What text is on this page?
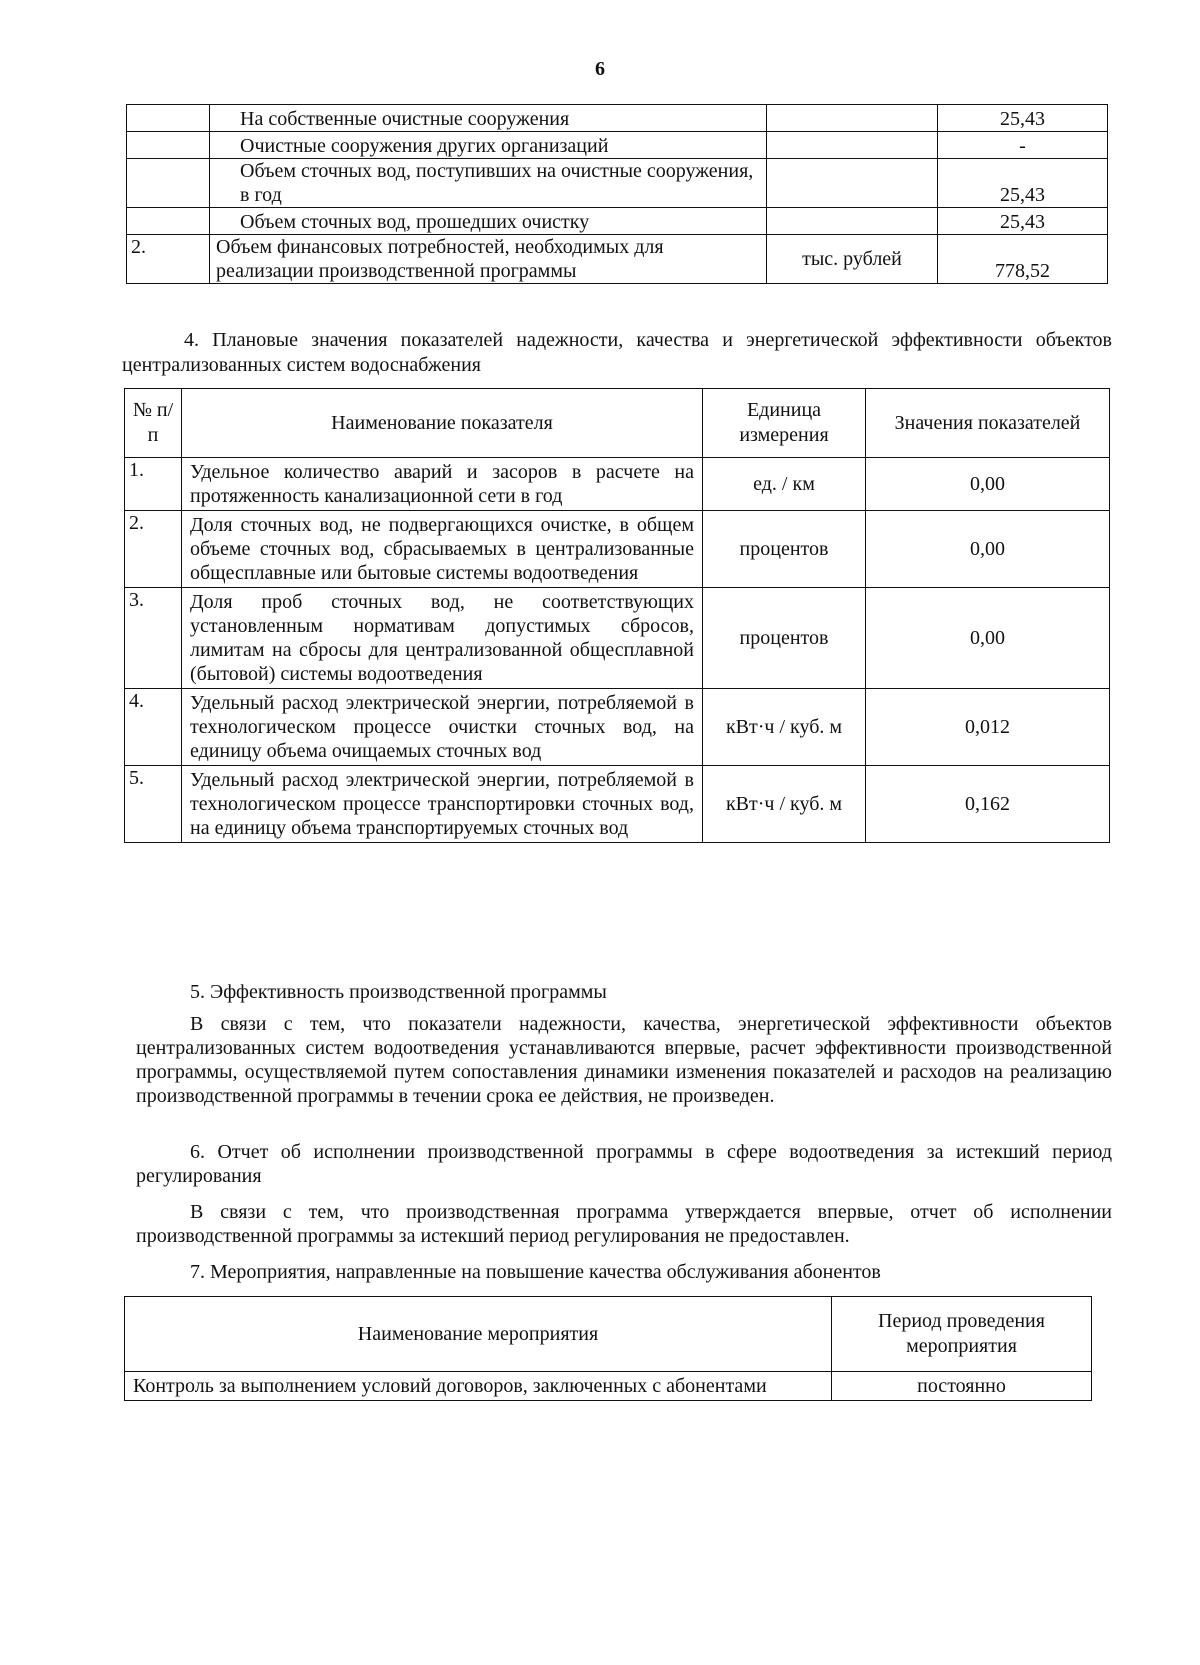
6
	На собственные очистные сооружения		25,43
	Очистные сооружения других организаций		-
	Объем сточных вод, поступивших на очистные сооружения, в год		25,43
	Объем сточных вод, прошедших очистку		25,43
2.	Объем финансовых потребностей, необходимых для реализации производственной программы	тыс. рублей	778,52
4. Плановые значения показателей надежности, качества и энергетической эффективности объектов централизованных систем водоснабжения
№ п/п	Наименование показателя	Единица измерения	Значения показателей
1.	Удельное количество аварий и засоров в расчете на протяженность канализационной сети в год	ед. / км	0,00
2.	Доля сточных вод, не подвергающихся очистке, в общем объеме сточных вод, сбрасываемых в централизованные общесплавные или бытовые системы водоотведения	процентов	0,00
3.	Доля проб сточных вод, не соответствующих установленным нормативам допустимых сбросов, лимитам на сбросы для централизованной общесплавной (бытовой) системы водоотведения	процентов	0,00
4.	Удельный расход электрической энергии, потребляемой в технологическом процессе очистки сточных вод, на единицу объема очищаемых сточных вод	кВт·ч / куб. м	0,012
5.	Удельный расход электрической энергии, потребляемой в технологическом процессе транспортировки сточных вод, на единицу объема транспортируемых сточных вод	кВт·ч / куб. м	0,162
5. Эффективность производственной программы
В связи с тем, что показатели надежности, качества, энергетической эффективности объектов централизованных систем водоотведения устанавливаются впервые, расчет эффективности производственной программы, осуществляемой путем сопоставления динамики изменения показателей и расходов на реализацию производственной программы в течении срока ее действия, не произведен.
6. Отчет об исполнении производственной программы в сфере водоотведения за истекший период регулирования
В связи с тем, что производственная программа утверждается впервые, отчет об исполнении производственной программы за истекший период регулирования не предоставлен.
7. Мероприятия, направленные на повышение качества обслуживания абонентов
Наименование мероприятия	Период проведения мероприятия
Контроль за выполнением условий договоров, заключенных с абонентами	постоянно
